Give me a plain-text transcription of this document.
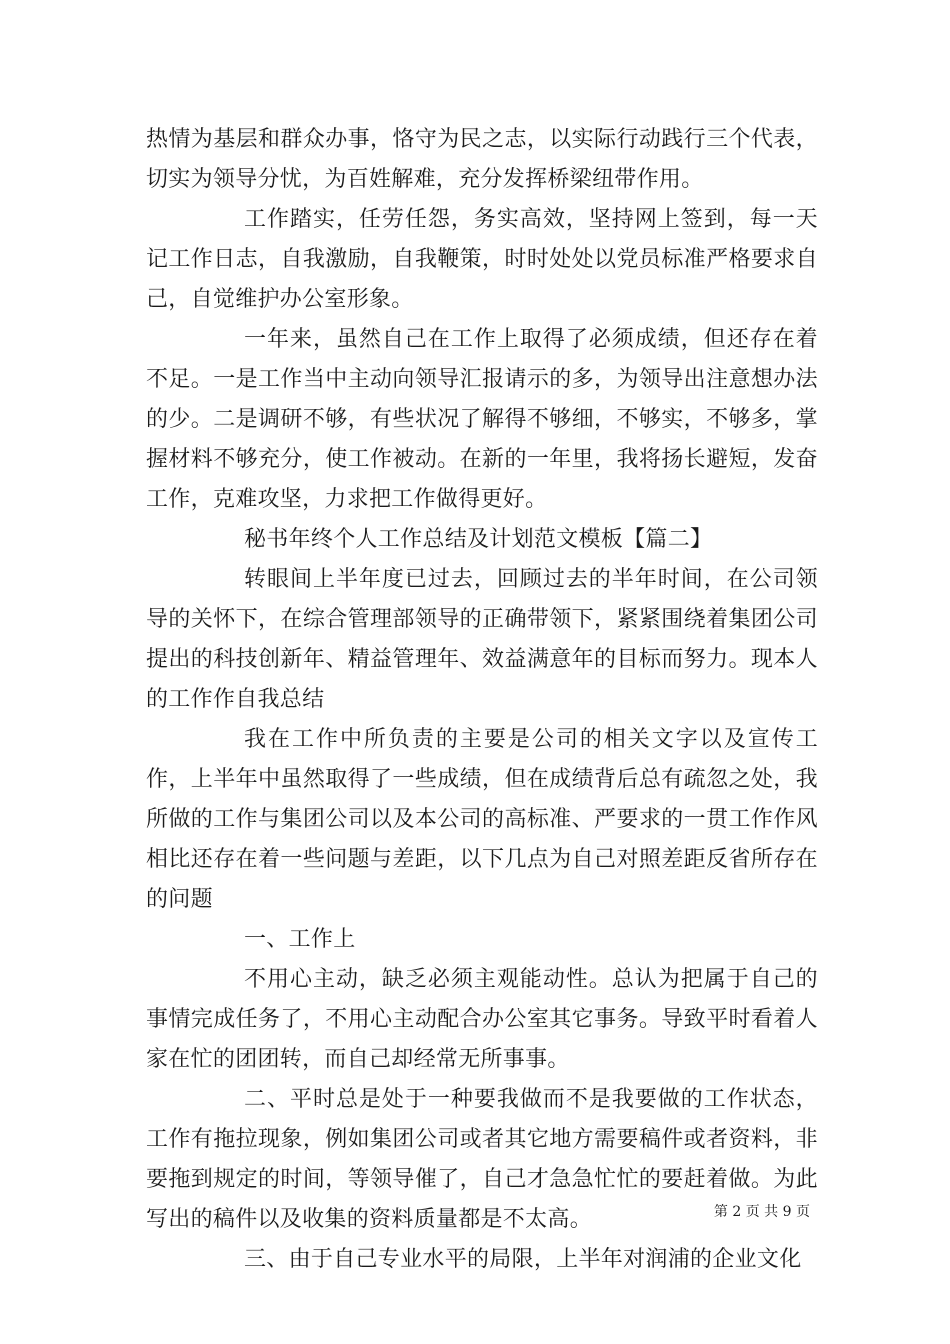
热情为基层和群众办事，恪守为民之志，以实际行动践行三个代表，切实为领导分忧，为百姓解难，充分发挥桥梁纽带作用。

工作踏实，任劳任怨，务实高效，坚持网上签到，每一天记工作日志，自我激励，自我鞭策，时时处处以党员标准严格要求自己，自觉维护办公室形象。

一年来，虽然自己在工作上取得了必须成绩，但还存在着不足。一是工作当中主动向领导汇报请示的多，为领导出注意想办法的少。二是调研不够，有些状况了解得不够细，不够实，不够多，掌握材料不够充分，使工作被动。在新的一年里，我将扬长避短，发奋工作，克难攻坚，力求把工作做得更好。

秘书年终个人工作总结及计划范文模板【篇二】

转眼间上半年度已过去，回顾过去的半年时间，在公司领导的关怀下，在综合管理部领导的正确带领下，紧紧围绕着集团公司提出的科技创新年、精益管理年、效益满意年的目标而努力。现本人的工作作自我总结

我在工作中所负责的主要是公司的相关文字以及宣传工作，上半年中虽然取得了一些成绩，但在成绩背后总有疏忽之处，我所做的工作与集团公司以及本公司的高标准、严要求的一贯工作作风相比还存在着一些问题与差距，以下几点为自己对照差距反省所存在的问题

一、工作上

不用心主动，缺乏必须主观能动性。总认为把属于自己的事情完成任务了，不用心主动配合办公室其它事务。导致平时看着人家在忙的团团转，而自己却经常无所事事。

二、平时总是处于一种要我做而不是我要做的工作状态，工作有拖拉现象，例如集团公司或者其它地方需要稿件或者资料，非要拖到规定的时间，等领导催了，自己才急急忙忙的要赶着做。为此写出的稿件以及收集的资料质量都是不太高。

三、由于自己专业水平的局限，上半年对润浦的企业文化

第 2 页 共 9 页
